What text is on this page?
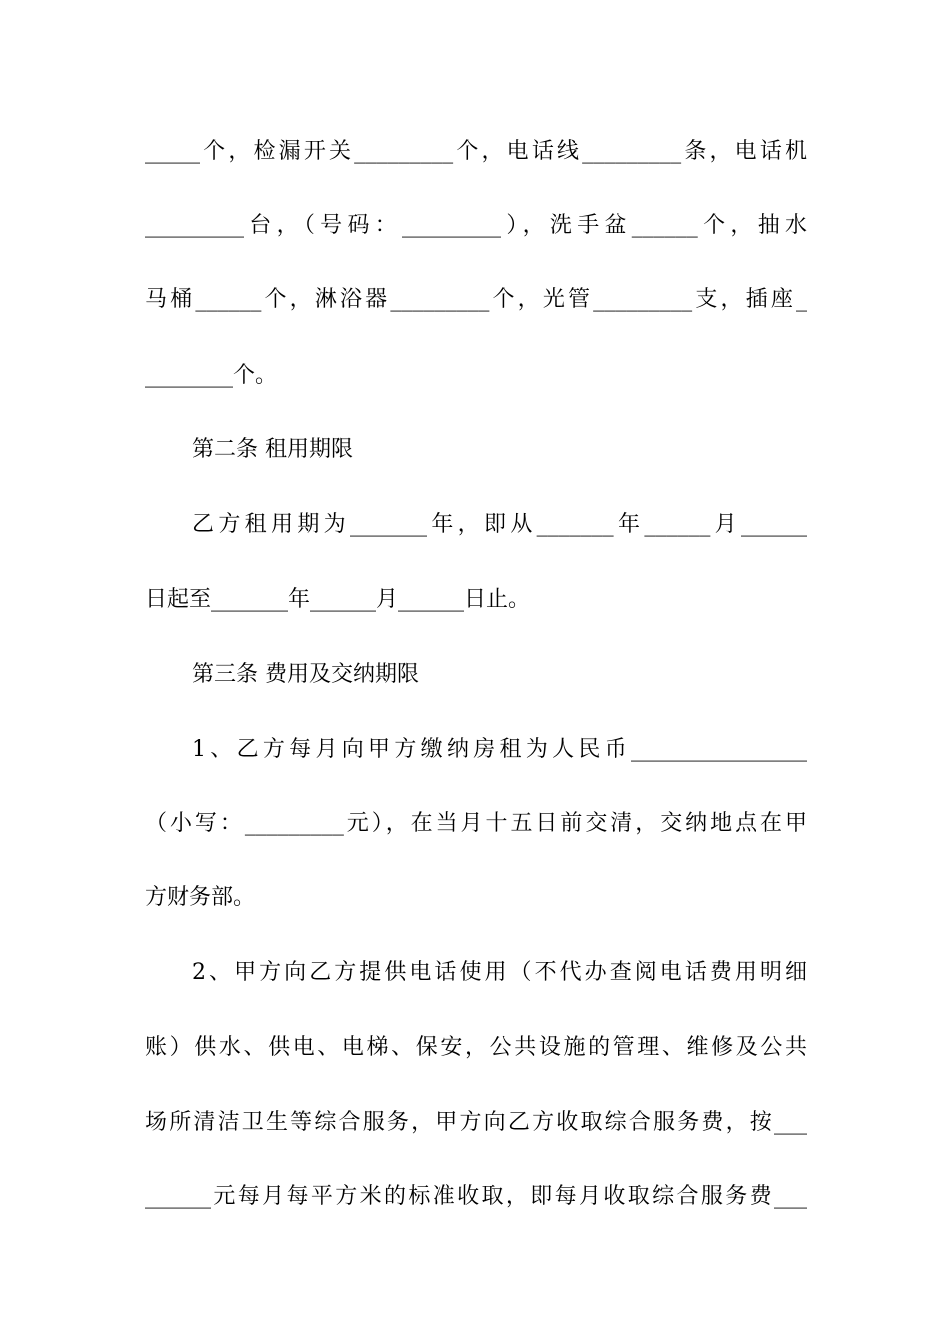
_____个，检漏开关_________个，电话线_________条，电话机
_________台，（号码：_________），洗手盆______个，抽水
马桶______个，淋浴器_________个，光管_________支，插座_
________个。
第二条 租用期限
乙方租用期为_______年，即从_______年______月______
日起至_______年______月______日止。
第三条 费用及交纳期限
1、乙方每月向甲方缴纳房租为人民币________________
（小写：_________元），在当月十五日前交清，交纳地点在甲
方财务部。
2、甲方向乙方提供电话使用（不代办查阅电话费用明细
账）供水、供电、电梯、保安，公共设施的管理、维修及公共
场所清洁卫生等综合服务，甲方向乙方收取综合服务费，按___
______元每月每平方米的标准收取，即每月收取综合服务费___
